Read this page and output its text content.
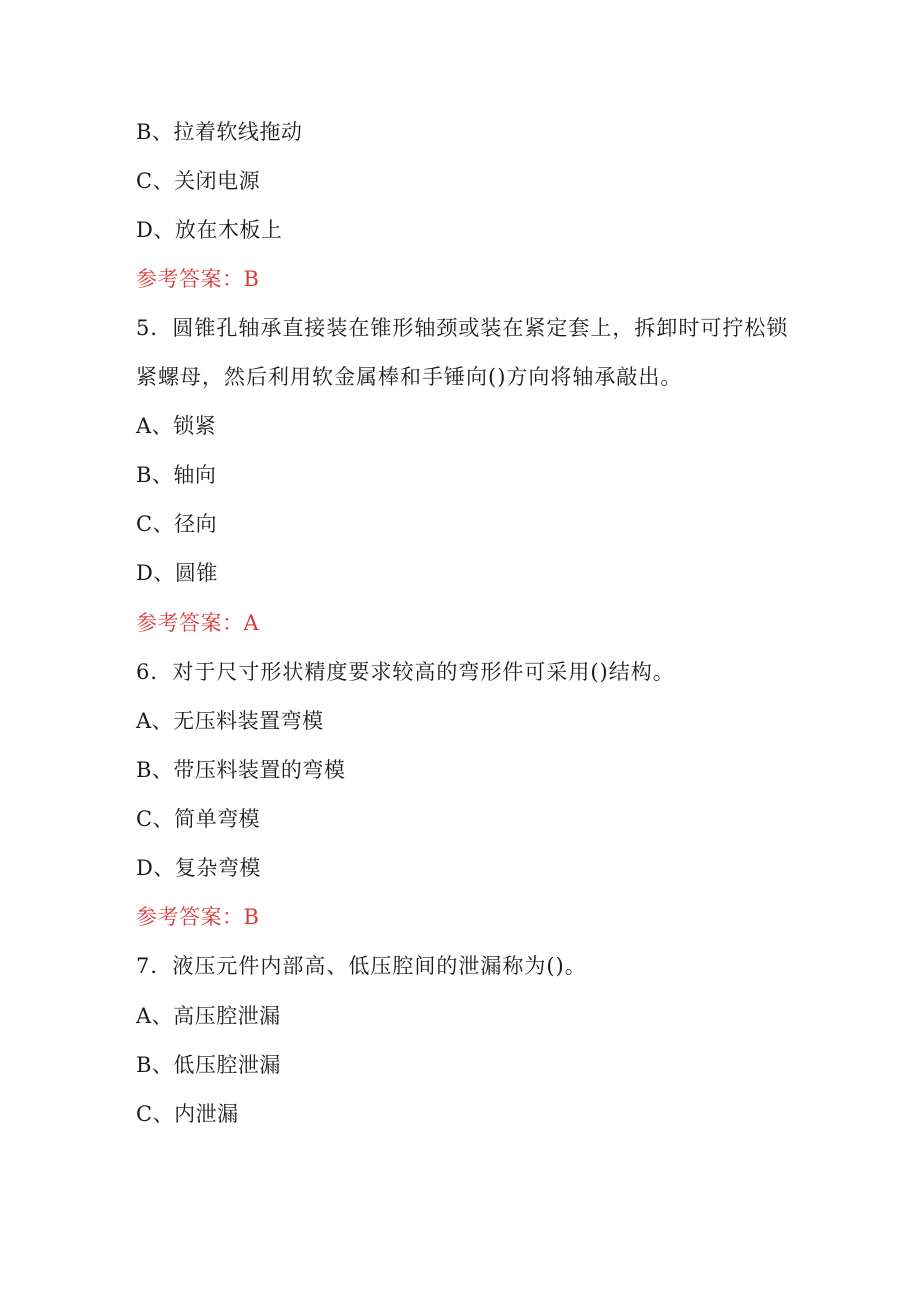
B、拉着软线拖动
C、关闭电源
D、放在木板上
参考答案：B
5．圆锥孔轴承直接装在锥形轴颈或装在紧定套上，拆卸时可拧松锁
紧螺母，然后利用软金属棒和手锤向()方向将轴承敲出。
A、锁紧
B、轴向
C、径向
D、圆锥
参考答案：A
6．对于尺寸形状精度要求较高的弯形件可采用()结构。
A、无压料装置弯模
B、带压料装置的弯模
C、简单弯模
D、复杂弯模
参考答案：B
7．液压元件内部高、低压腔间的泄漏称为()。
A、高压腔泄漏
B、低压腔泄漏
C、内泄漏
